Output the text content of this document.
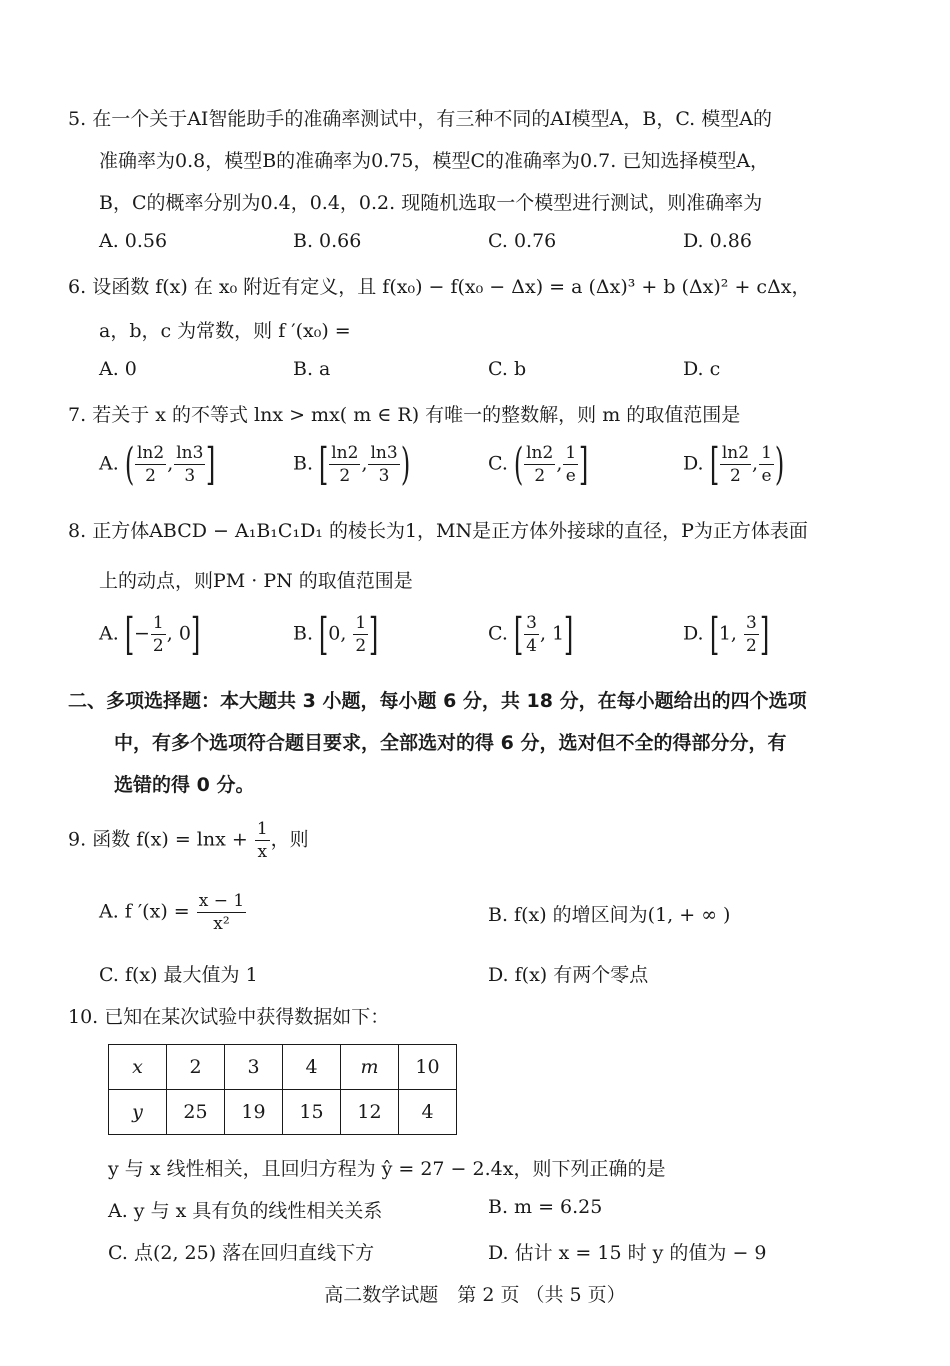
5. 在一个关于AI智能助手的准确率测试中，有三种不同的AI模型A，B，C. 模型A的
准确率为0.8，模型B的准确率为0.75，模型C的准确率为0.7. 已知选择模型A，
B，C的概率分别为0.4，0.4，0.2. 现随机选取一个模型进行测试，则准确率为
A. 0.56	B. 0.66	C. 0.76	D. 0.86
6. 设函数 f(x) 在 x₀ 附近有定义，且 f(x₀) − f(x₀ − Δx) = a (Δx)³ + b (Δx)² + cΔx，
a，b，c 为常数，则 f ′(x₀) =
A. 0	B. a	C. b	D. c
7. 若关于 x 的不等式 lnx > mx( m ∈ R) 有唯一的整数解，则 m 的取值范围是
A. ( $\frac{\ln 2}{2}$ , $\frac{\ln 3}{3}$ ]	B. [ $\frac{\ln 2}{2}$ , $\frac{\ln 3}{3}$ )	C. ( $\frac{\ln 2}{2}$ , $\frac{1}{e}$ ]	D. [ $\frac{\ln 2}{2}$ , $\frac{1}{e}$ )
8. 正方体ABCD − A₁B₁C₁D₁ 的棱长为1，MN是正方体外接球的直径，P为正方体表面
上的动点，则PM · PN 的取值范围是
A. [− $\frac{1}{2}$ , 0]	B. [0, $\frac{1}{2}$ ]	C. [ $\frac{3}{4}$ , 1]	D. [1, $\frac{3}{2}$ ]
二、多项选择题：本大题共 3 小题，每小题 6 分，共 18 分，在每小题给出的四个选项
中，有多个选项符合题目要求，全部选对的得 6 分，选对但不全的得部分分，有
选错的得 0 分。
9. 函数 $f(x) = \ln x + \frac{1}{x}$ ，则
A. f $'(x) = \frac{x - 1}{\text{x²}}$	B. f(x) 的增区间为(1, + ∞ )
C. f(x) 最大值为 1	D. f(x) 有两个零点
10. 已知在某次试验中获得数据如下：
x	2	3	4	m	10
y	25	19	15	12	4
y 与 x 线性相关，且回归方程为 ŷ = 27 − 2.4x，则下列正确的是
A. y 与 x 具有负的线性相关关系	B. m = 6.25
C. 点(2, 25) 落在回归直线下方	D. 估计 x = 15 时 y 的值为 − 9
高二数学试题　第 2 页 （共 5 页）
